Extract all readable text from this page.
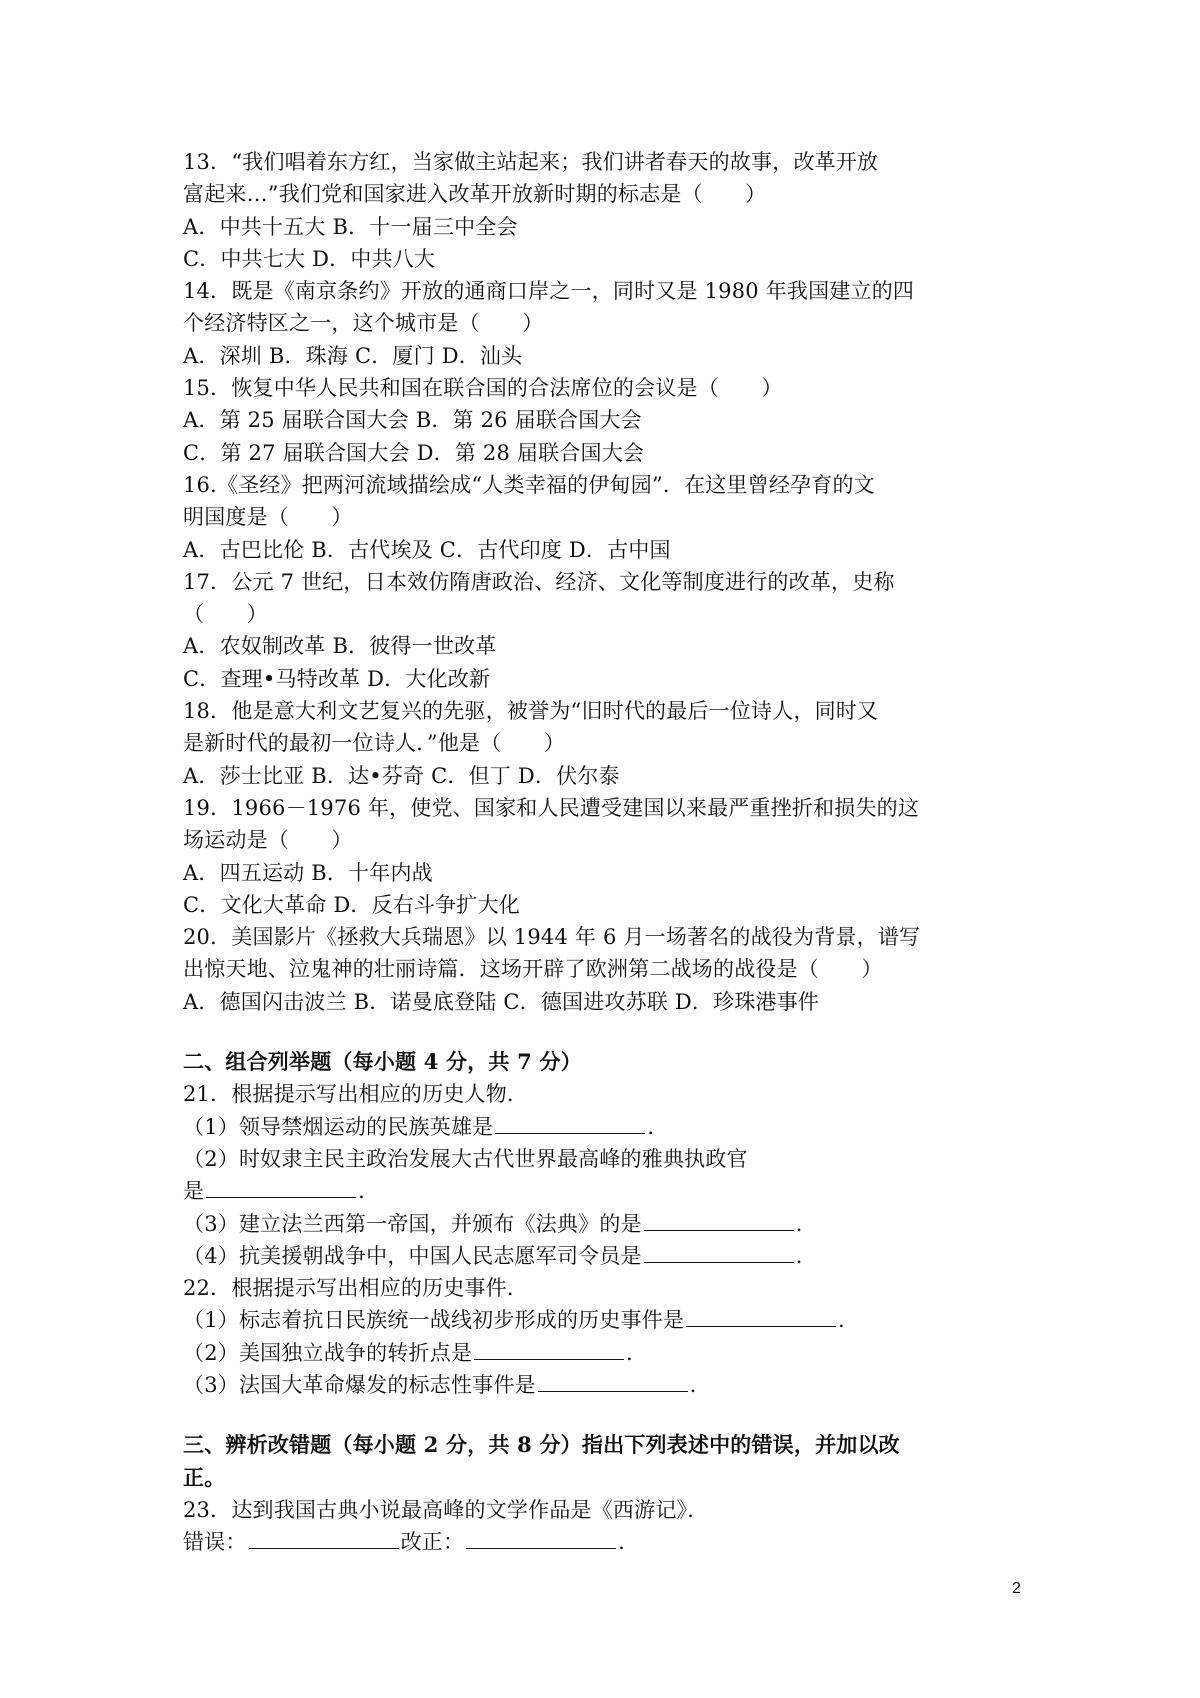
13．“我们唱着东方红，当家做主站起来；我们讲者春天的故事，改革开放
富起来…”我们党和国家进入改革开放新时期的标志是（　　）
A．中共十五大 B．十一届三中全会
C．中共七大 D．中共八大
14．既是《南京条约》开放的通商口岸之一，同时又是 1980 年我国建立的四
个经济特区之一，这个城市是（　　）
A．深圳 B．珠海 C．厦门 D．汕头
15．恢复中华人民共和国在联合国的合法席位的会议是（　　）
A．第 25 届联合国大会 B．第 26 届联合国大会
C．第 27 届联合国大会 D．第 28 届联合国大会
16.《圣经》把两河流域描绘成“人类幸福的伊甸园”．在这里曾经孕育的文
明国度是（　　）
A．古巴比伦 B．古代埃及 C．古代印度 D．古中国
17．公元 7 世纪，日本效仿隋唐政治、经济、文化等制度进行的改革，史称
（　　）
A．农奴制改革 B．彼得一世改革
C．查理•马特改革 D．大化改新
18．他是意大利文艺复兴的先驱，被誉为“旧时代的最后一位诗人，同时又
是新时代的最初一位诗人．”他是（　　）
A．莎士比亚 B．达•芬奇 C．但丁 D．伏尔泰
19．1966－1976 年，使党、国家和人民遭受建国以来最严重挫折和损失的这
场运动是（　　）
A．四五运动 B．十年内战
C．文化大革命 D．反右斗争扩大化
20．美国影片《拯救大兵瑞恩》以 1944 年 6 月一场著名的战役为背景，谱写
出惊天地、泣鬼神的壮丽诗篇．这场开辟了欧洲第二战场的战役是（　　）
A．德国闪击波兰 B．诺曼底登陆 C．德国进攻苏联 D．珍珠港事件
二、组合列举题（每小题 4 分，共 7 分）
21．根据提示写出相应的历史人物．
（1）领导禁烟运动的民族英雄是	．
（2）时奴隶主民主政治发展大古代世界最高峰的雅典执政官
是	．
（3）建立法兰西第一帝国，并颁布《法典》的是	．
（4）抗美援朝战争中，中国人民志愿军司令员是	．
22．根据提示写出相应的历史事件．
（1）标志着抗日民族统一战线初步形成的历史事件是	．
（2）美国独立战争的转折点是	．
（3）法国大革命爆发的标志性事件是	．
三、辨析改错题（每小题 2 分，共 8 分）指出下列表述中的错误，并加以改
正。
23．达到我国古典小说最高峰的文学作品是《西游记》．
错误：	改正：	．
2
